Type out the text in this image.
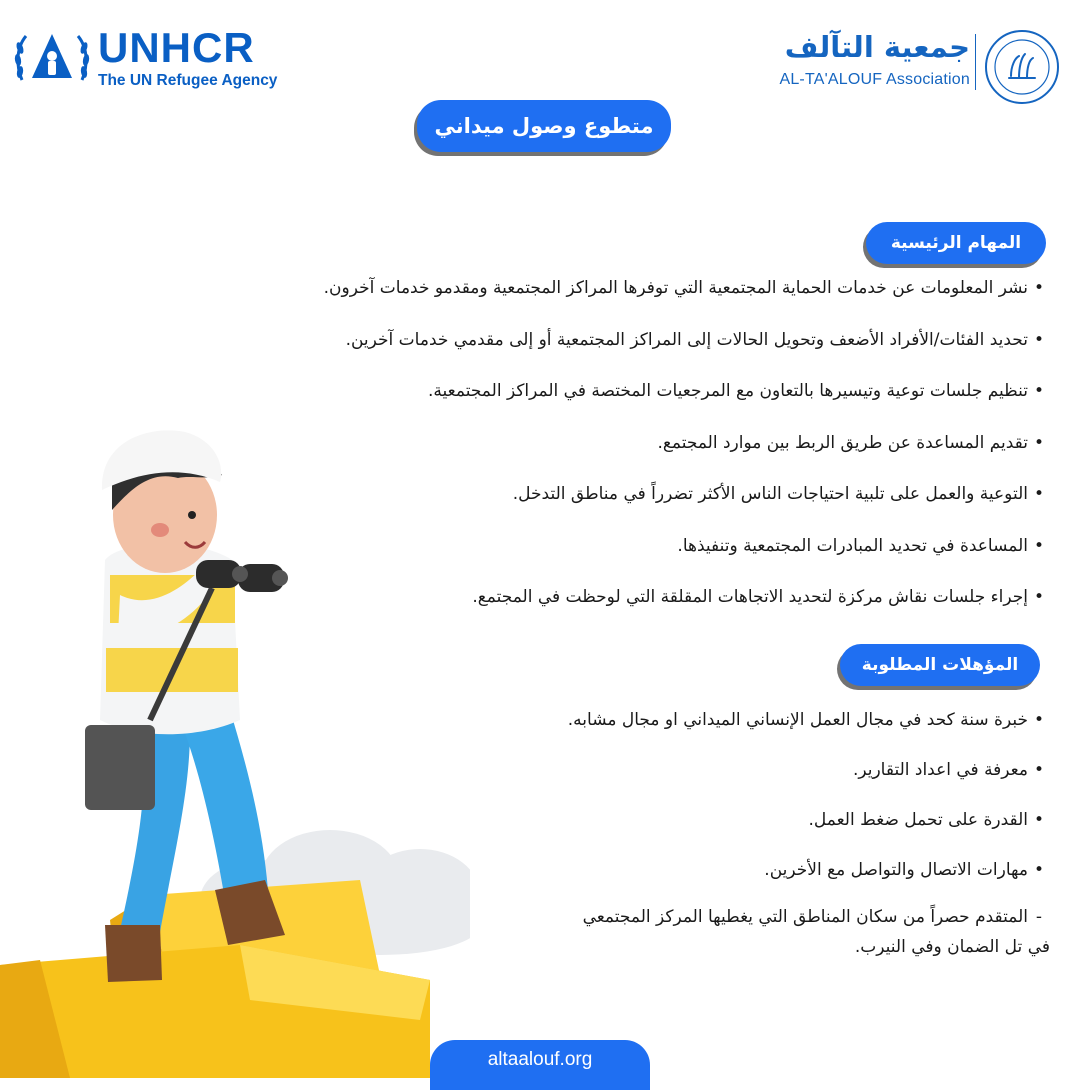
UNHCR
The UN Refugee Agency
جمعية التآلف
AL-TA'ALOUF Association
متطوع وصول ميداني
المهام الرئيسية
•نشر المعلومات عن خدمات الحماية المجتمعية التي توفرها المراكز المجتمعية ومقدمو خدمات آخرون.
•تحديد الفئات/الأفراد الأضعف وتحويل الحالات إلى المراكز المجتمعية أو إلى مقدمي خدمات آخرين.
•تنظيم جلسات توعية وتيسيرها بالتعاون مع المرجعيات المختصة في المراكز المجتمعية.
•تقديم المساعدة عن طريق الربط بين موارد المجتمع.
•التوعية والعمل على تلبية احتياجات الناس الأكثر تضرراً في مناطق التدخل.
•المساعدة في تحديد المبادرات المجتمعية وتنفيذها.
•إجراء جلسات نقاش مركزة لتحديد الاتجاهات المقلقة التي لوحظت في المجتمع.
المؤهلات المطلوبة
•خبرة سنة كحد في مجال العمل الإنساني الميداني او مجال مشابه.
•معرفة في اعداد التقارير.
•القدرة على تحمل ضغط العمل.
•مهارات الاتصال والتواصل مع الأخرين.
-المتقدم حصراً من سكان المناطق التي يغطيها المركز المجتمعي في تل الضمان وفي النيرب.
altaalouf.org
